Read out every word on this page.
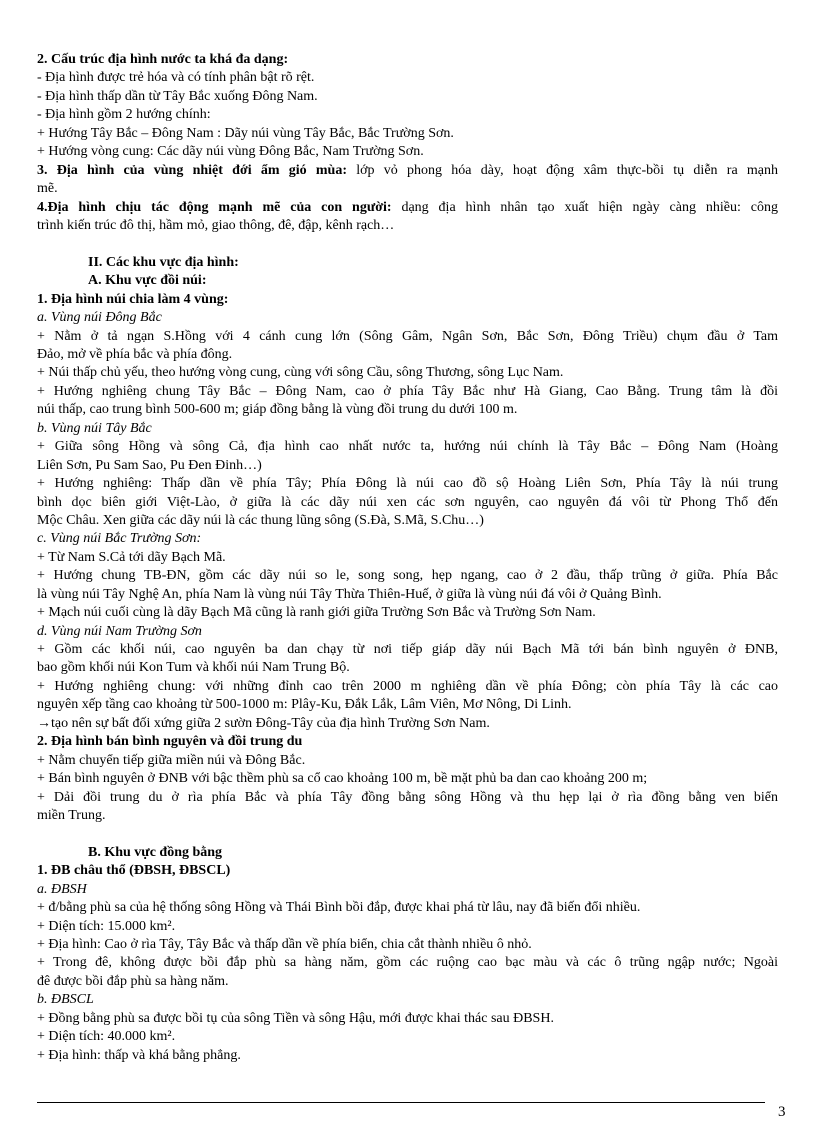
2. Cấu trúc địa hình nước ta khá đa dạng:
- Địa hình được trẻ hóa và có tính phân bật rõ rệt.
- Địa hình thấp dần từ Tây Bắc xuống Đông Nam.
- Địa hình gồm 2 hướng chính:
+ Hướng Tây Bắc – Đông Nam : Dãy núi vùng Tây Bắc, Bắc Trường Sơn.
+ Hướng vòng cung: Các dãy núi vùng Đông Bắc, Nam Trường Sơn.
3. Địa hình của vùng nhiệt đới ẩm gió mùa: lớp vỏ phong hóa dày, hoạt động xâm thực-bồi tụ diễn ra mạnh
mẽ.
4.Địa hình chịu tác động mạnh mẽ của con người: dạng địa hình nhân tạo xuất hiện ngày càng nhiều: công
trình kiến trúc đô thị, hầm mỏ, giao thông, đê, đập, kênh rạch…
II. Các khu vực địa hình:
A. Khu vực đồi núi:
1. Địa hình núi chia làm 4 vùng:
a. Vùng núi Đông Bắc
+ Nằm ở tả ngạn S.Hồng với 4 cánh cung lớn (Sông Gâm, Ngân Sơn, Bắc Sơn, Đông Triều) chụm đầu ở Tam
Đảo, mở về phía bắc và phía đông.
+ Núi thấp chủ yếu, theo hướng vòng cung, cùng với sông Cầu, sông Thương, sông Lục Nam.
+ Hướng nghiêng chung Tây Bắc – Đông Nam, cao ở phía Tây Bắc như Hà Giang, Cao Bằng. Trung tâm là đồi
núi thấp, cao trung bình 500-600 m; giáp đồng bằng là vùng đồi trung du dưới 100 m.
b. Vùng núi Tây Bắc
+ Giữa sông Hồng và sông Cả, địa hình cao nhất nước ta, hướng núi chính là Tây Bắc – Đông Nam (Hoàng
Liên Sơn, Pu Sam Sao, Pu Đen Đinh…)
+ Hướng nghiêng: Thấp dần về phía Tây; Phía Đông là núi cao đồ sộ Hoàng Liên Sơn, Phía Tây là núi trung
bình dọc biên giới Việt-Lào, ở giữa là các dãy núi xen các sơn nguyên, cao nguyên đá vôi từ Phong Thổ đến
Mộc Châu. Xen giữa các dãy núi là các thung lũng sông (S.Đà, S.Mã, S.Chu…)
c. Vùng núi Bắc Trường Sơn:
+ Từ Nam S.Cả tới dãy Bạch Mã.
+ Hướng chung TB-ĐN, gồm các dãy núi so le, song song, hẹp ngang, cao ở 2 đầu, thấp trũng ở giữa. Phía Bắc
là vùng núi Tây Nghệ An, phía Nam là vùng núi Tây Thừa Thiên-Huế, ở giữa là vùng núi đá vôi ở Quảng Bình.
+ Mạch núi cuối cùng là dãy Bạch Mã cũng là ranh giới giữa Trường Sơn Bắc và Trường Sơn Nam.
d. Vùng núi Nam Trường Sơn
+ Gồm các khối núi, cao nguyên ba dan chạy từ nơi tiếp giáp dãy núi Bạch Mã tới bán bình nguyên ở ĐNB,
bao gồm khối núi Kon Tum và khối núi Nam Trung Bộ.
+ Hướng nghiêng chung: với những đỉnh cao trên 2000 m nghiêng dần về phía Đông; còn phía Tây là các cao
nguyên xếp tầng cao khoảng từ 500-1000 m: Plây-Ku, Đắk Lắk, Lâm Viên, Mơ Nông, Di Linh.
→tạo nên sự bất đối xứng giữa 2 sườn Đông-Tây của địa hình Trường Sơn Nam.
2. Địa hình bán bình nguyên và đồi trung du
+ Nằm chuyển tiếp giữa miền núi và Đông Bắc.
+ Bán bình nguyên ở ĐNB với bậc thềm phù sa cổ cao khoảng 100 m, bề mặt phủ ba dan cao khoảng 200 m;
+ Dải đồi trung du ở rìa phía Bắc và phía Tây đồng bằng sông Hồng và thu hẹp lại ở rìa đồng bằng ven biển
miền Trung.
B. Khu vực đồng bằng
1. ĐB châu thổ (ĐBSH, ĐBSCL)
a. ĐBSH
+ đ/bằng phù sa của hệ thống sông Hồng và Thái Bình bồi đắp, được khai phá từ lâu, nay đã biến đổi nhiều.
+ Diện tích: 15.000 km².
+ Địa hình: Cao ở rìa Tây, Tây Bắc và thấp dần về phía biển, chia cắt thành nhiều ô nhỏ.
+ Trong đê, không được bồi đắp phù sa hàng năm, gồm các ruộng cao bạc màu và các ô trũng ngập nước; Ngoài
đê được bồi đắp phù sa hàng năm.
b. ĐBSCL
+ Đồng bằng phù sa được bồi tụ của sông Tiền và sông Hậu, mới được khai thác sau ĐBSH.
+ Diện tích: 40.000 km².
+ Địa hình: thấp và khá bằng phẳng.
3
